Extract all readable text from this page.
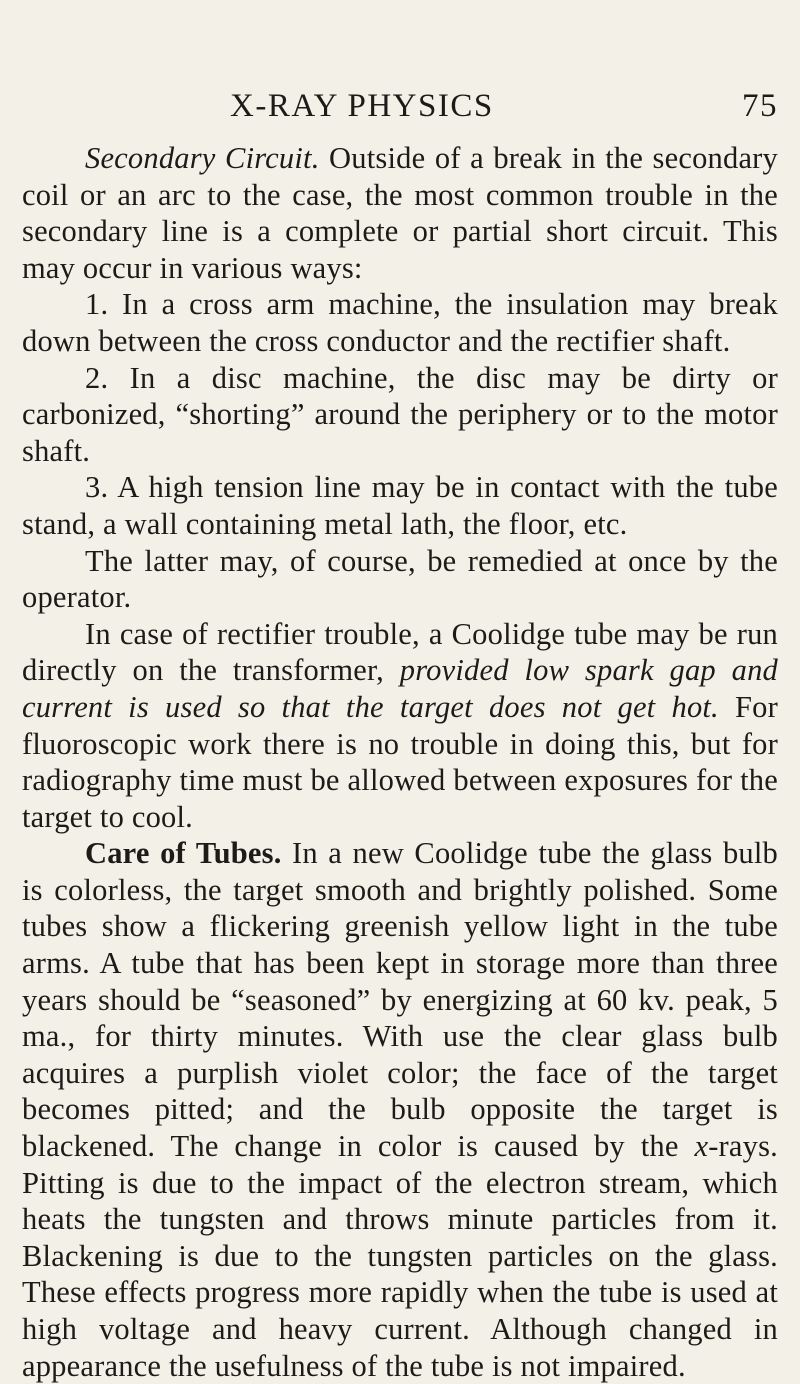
X-RAY PHYSICS	75

Secondary Circuit. Outside of a break in the secondary coil or an arc to the case, the most common trouble in the secondary line is a complete or partial short circuit. This may occur in various ways:

1. In a cross arm machine, the insulation may break down between the cross conductor and the rectifier shaft.

2. In a disc machine, the disc may be dirty or carbonized, “shorting” around the periphery or to the motor shaft.

3. A high tension line may be in contact with the tube stand, a wall containing metal lath, the floor, etc.

The latter may, of course, be remedied at once by the operator.

In case of rectifier trouble, a Coolidge tube may be run directly on the transformer, provided low spark gap and current is used so that the target does not get hot. For fluoroscopic work there is no trouble in doing this, but for radiography time must be allowed between exposures for the target to cool.

Care of Tubes. In a new Coolidge tube the glass bulb is colorless, the target smooth and brightly polished. Some tubes show a flickering greenish yellow light in the tube arms. A tube that has been kept in storage more than three years should be “seasoned” by energizing at 60 kv. peak, 5 ma., for thirty minutes. With use the clear glass bulb acquires a purplish violet color; the face of the target becomes pitted; and the bulb opposite the target is blackened. The change in color is caused by the x-rays. Pitting is due to the impact of the electron stream, which heats the tungsten and throws minute particles from it. Blackening is due to the tungsten particles on the glass. These effects progress more rapidly when the tube is used at high voltage and heavy current. Although changed in appearance the usefulness of the tube is not impaired.
